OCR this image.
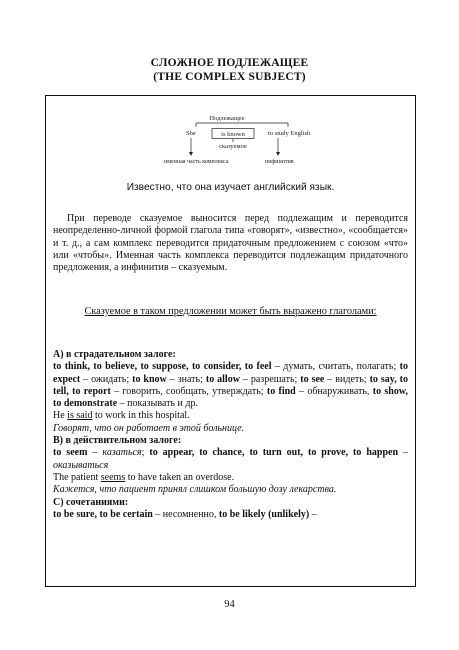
СЛОЖНОЕ ПОДЛЕЖАЩЕЕ
(THE COMPLEX SUBJECT)
Подлежащее
She	is known	to study English
сказуемое
именная часть комплекса	инфинитив
Известно, что она изучает английский язык.

При переводе сказуемое выносится перед подлежащим и переводится неопределенно-личной формой глагола типа «говорят», «известно», «сообщается» и т. д., а сам комплекс переводится придаточным предложением с союзом «что» или «чтобы». Именная часть комплекса переводится подлежащим придаточного предложения, а инфинитив – сказуемым.

Сказуемое в таком предложении может быть выражено глаголами:

А) в страдательном залоге:

to think, to believe, to suppose, to consider, to feel – думать, считать, полагать; to expect – ожидать; to know – знать; to allow – разрешать; to see – видеть; to say, to tell, to report – говорить, сообщать, утверждать; to find – обнаруживать, to show, to demonstrate – показывать и др.

He is said to work in this hospital.

Говорят, что он работает в этой больнице.

В) в действительном залоге:

to seem – казаться; to appear, to chance, to turn out, to prove, to happen – оказываться

The patient seems to have taken an overdose.

Кажется, что пациент принял слишком большую дозу лекарства.

С) сочетаниями:

to be sure, to be certain – несомненно, to be likely (unlikely) –

94
